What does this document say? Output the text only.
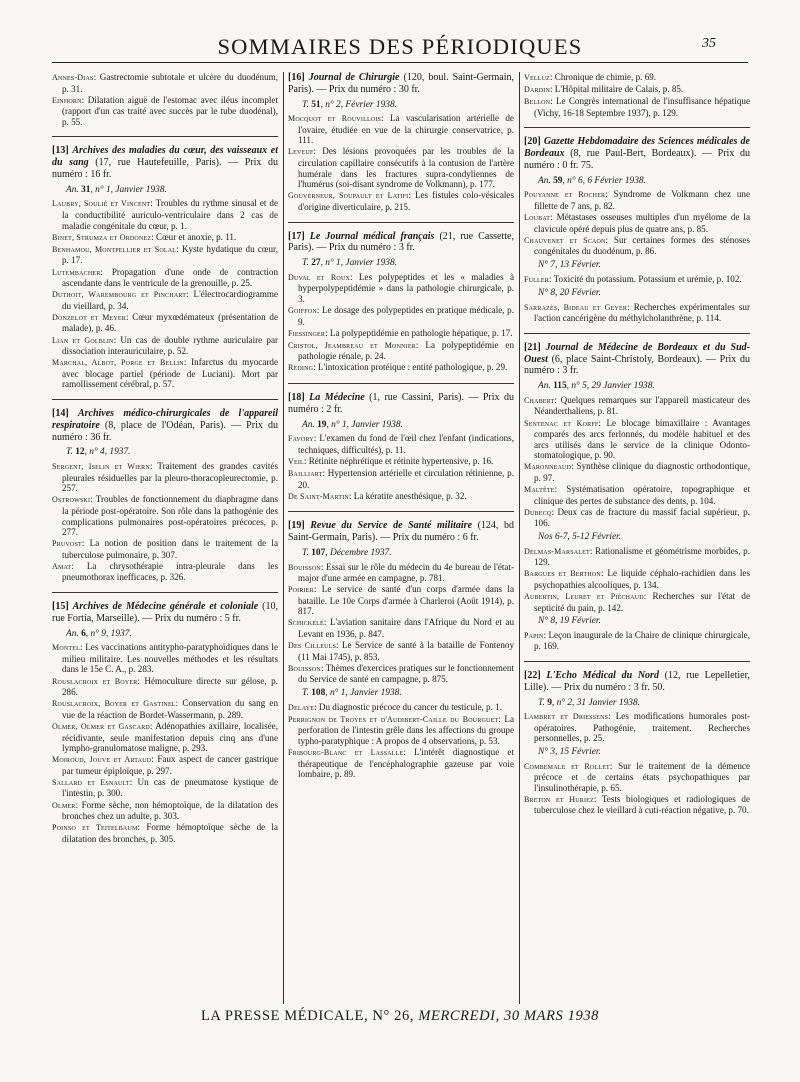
SOMMAIRES DES PÉRIODIQUES	35
Annes-Dias: Gastrectomie subtotale et ulcère du duodénum, p. 31.
Einhorn: Dilatation aiguë de l'estomac avec iléus incomplet (rapport d'un cas traité avec succès par le tube duodénal), p. 55.
[13] Archives des maladies du cœur, des vaisseaux et du sang (17, rue Hautefeuille, Paris). — Prix du numéro : 16 fr.
An. 31, n° 1, Janvier 1938.
Laubry, Soulié et Vincent: Troubles du rythme sinusal et de la conductibilité auriculo-ventriculaire dans 2 cas de maladie congénitale du cœur, p. 1.
Binet, Strumza et Ordonez: Cœur et anoxie, p. 11.
Benhamou, Montpellier et Solal: Kyste hydatique du cœur, p. 17.
Lutembacher: Propagation d'une onde de contraction ascendante dans le ventricule de la grenouille, p. 25.
Duthoit, Warembourg et Pinchart: L'électrocardiogramme du vieillard, p. 34.
Donzelot et Meyer: Cœur myxœdémateux (présentation de malade), p. 46.
Lian et Golblin: Un cas de double rythme auriculaire par dissociation interauriculaire, p. 52.
Marchal, Albot, Porge et Bellin: Infarctus du myocarde avec blocage partiel (période de Luciani). Mort par ramollissement cérébral, p. 57.
[14] Archives médico-chirurgicales de l'appareil respiratoire (8, place de l'Odéan, Paris). — Prix du numéro : 36 fr.
T. 12, n° 4, 1937.
Sergent, Iselin et Wiern: Traitement des grandes cavités pleurales résiduelles par la pleuro-thoracopleurectomie, p. 257.
Ostrowski: Troubles de fonctionnement du diaphragme dans la période post-opératoire. Son rôle dans la pathogénie des complications pulmonaires post-opératoires précoces, p. 277.
Pruvost: La notion de position dans le traitement de la tuberculose pulmonaire, p. 307.
Amat: La chrysothérapie intra-pleurale dans les pneumothorax inefficaces, p. 326.
[15] Archives de Médecine générale et coloniale (10, rue Fortia, Marseille). — Prix du numéro : 5 fr.
An. 6, n° 9, 1937.
Montel: Les vaccinations antitypho-paratyphoïdiques dans le milieu militaire. Les nouvelles méthodes et les résultats dans le 15e C. A., p. 283.
Rouslacroix et Boyer: Hémoculture directe sur gélose, p. 286.
Rouslacroix, Boyer et Gastinel: Conservation du sang en vue de la réaction de Bordet-Wassermann, p. 289.
Olmer, Olmer et Gascard: Adénopathies axillaire, localisée, récidivante, seule manifestation depuis cinq ans d'une lympho-granulomatose maligne, p. 293.
Moiroud, Jouve et Artaud: Faux aspect de cancer gastrique par tumeur épiploïque, p. 297.
Sallard et Esnault: Un cas de pneumatose kystique de l'intestin, p. 300.
Olmer: Forme sèche, non hémoptoïque, de la dilatation des bronches chez un adulte, p. 303.
Poinso et Teitelbaum: Forme hémoptoïque sèche de la dilatation des bronches, p. 305.
[16] Journal de Chirurgie (120, boul. Saint-Germain, Paris). — Prix du numéro : 30 fr.
T. 51, n° 2, Février 1938.
Mocquot et Rouvillois: La vascularisation artérielle de l'ovaire, étudiée en vue de la chirurgie conservatrice, p. 111.
Leveuf: Des lésions provoquées par les troubles de la circulation capillaire consécutifs à la contusion de l'artère humérale dans les fractures supra-condyliennes de l'humérus (soi-disant syndrome de Volkmann), p. 177.
Gouverneur, Soupault et Latifi: Les fistules colo-vésicales d'origine diverticulaire, p. 215.
[17] Le Journal médical français (21, rue Cassette, Paris). — Prix du numéro : 3 fr.
T. 27, n° 1, Janvier 1938.
Duval et Roux: Les polypeptides et les « maladies à hyperpolypeptidémie » dans la pathologie chirurgicale, p. 3.
Goiffon: Le dosage des polypeptides en pratique médicale, p. 9.
Fiessinger: La polypeptidémie en pathologie hépatique, p. 17.
Cristol, Jeambreau et Monnier: La polypeptidémie en pathologie rénale, p. 24.
Reding: L'intoxication protéique : entité pathologique, p. 29.
[18] La Médecine (1, rue Cassini, Paris). — Prix du numéro : 2 fr.
An. 19, n° 1, Janvier 1938.
Favory: L'examen du fond de l'œil chez l'enfant (indications, techniques, difficultés), p. 11.
Veil: Rétinite néphrétique et rétinite hypertensive, p. 16.
Bailliart: Hypertension artérielle et circulation rétinienne, p. 20.
De Saint-Martin: La kératite anesthésique, p. 32.
[19] Revue du Service de Santé militaire (124, bd Saint-Germain, Paris). — Prix du numéro : 6 fr.
T. 107, Décembre 1937.
Bouisson: Essai sur le rôle du médecin du 4e bureau de l'état-major d'une armée en campagne, p. 781.
Poirier: Le service de santé d'un corps d'armée dans la bataille. Le 10e Corps d'armée à Charleroi (Août 1914), p. 817.
Schickelé: L'aviation sanitaire dans l'Afrique du Nord et au Levant en 1936, p. 847.
Des Cilleuls: Le Service de santé à la bataille de Fontenoy (11 Mai 1745), p. 853.
Bouisson: Thèmes d'exercices pratiques sur le fonctionnement du Service de santé en campagne, p. 875.
T. 108, n° 1, Janvier 1938.
Delaye: Du diagnostic précoce du cancer du testicule, p. 1.
Perrignon de Troyes et d'Audibert-Caille du Bourguet: La perforation de l'intestin grêle dans les affections du groupe typho-paratyphique : A propos de 4 observations, p. 53.
Fribourg-Blanc et Lassalle: L'intérêt diagnostique et thérapeutique de l'encéphalographie gazeuse par voie lombaire, p. 89.
Velluz: Chronique de chimie, p. 69.
Dardin: L'Hôpital militaire de Calais, p. 85.
Bellon: Le Congrès international de l'insuffisance hépatique (Vichy, 16-18 Septembre 1937), p. 129.
[20] Gazette Hebdomadaire des Sciences médicales de Bordeaux (8, rue Paul-Bert, Bordeaux). — Prix du numéro : 0 fr. 75.
An. 59, n° 6, 6 Février 1938.
Pouyanne et Rocher: Syndrome de Volkmann chez une fillette de 7 ans, p. 82.
Loubat: Métastases osseuses multiples d'un myélome de la clavicule opéré depuis plus de quatre ans, p. 85.
Chauvenet et Scaon: Sur certaines formes des sténoses congénitales du duodénum, p. 86.
N° 7, 13 Février.
Fuller: Toxicité du potassium. Potassium et urémie, p. 102.
N° 8, 20 Février.
Sarrazès, Bideau et Geyer: Recherches expérimentales sur l'action cancérigène du méthylcholanthrène, p. 114.
[21] Journal de Médecine de Bordeaux et du Sud-Ouest (6, place Saint-Christoly, Bordeaux). — Prix du numéro : 3 fr.
An. 115, n° 5, 29 Janvier 1938.
Chabert: Quelques remarques sur l'appareil masticateur des Néanderthaliens, p. 81.
Sentenac et Korff: Le blocage bimaxillaire : Avantages comparés des arcs ferlonnés, du modèle habituel et des arcs utilisés dans le service de la clinique Odonto-stomatologique, p. 90.
Maronneaud: Synthèse clinique du diagnostic orthodontique, p. 97.
Maltête: Systématisation opératoire, topographique et clinique des pertes de substance des dents, p. 104.
Dubecq: Deux cas de fracture du massif facial supérieur, p. 106.
Nos 6-7, 5-12 Février.
Delmas-Marsalet: Rationalisme et géométrisme morbides, p. 129.
Bargues et Berthon: Le liquide céphalo-rachidien dans les psychopathies alcooliques, p. 134.
Aubertin, Leuret et Piéchaud: Recherches sur l'état de septicité du pain, p. 142.
N° 8, 19 Février.
Papin: Leçon inaugurale de la Chaire de clinique chirurgicale, p. 169.
[22] L'Echo Médical du Nord (12, rue Lepelletier, Lille). — Prix du numéro : 3 fr. 50.
T. 9, n° 2, 31 Janvier 1938.
Lambret et Driessens: Les modifications humorales post-opératoires. Pathogénie, traitement. Recherches personnelles, p. 25.
N° 3, 15 Février.
Combemale et Rollet: Sur le traitement de la démence précoce et de certains états psychopathiques par l'insulinothérapie, p. 65.
Breton et Huriez: Tests biologiques et radiologiques de tuberculose chez le vieillard à cuti-réaction négative, p. 70.
LA PRESSE MÉDICALE, N° 26, MERCREDI, 30 MARS 1938
